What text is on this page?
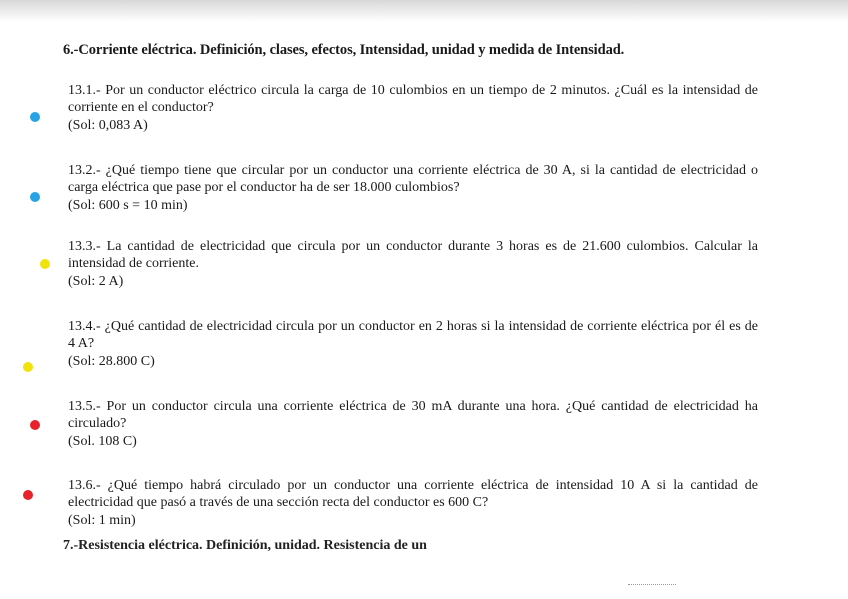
6.-Corriente eléctrica. Definición, clases, efectos, Intensidad, unidad y medida de Intensidad.
13.1.- Por un conductor eléctrico circula la carga de 10 culombios en un tiempo de 2 minutos. ¿Cuál es la intensidad de corriente en el conductor?
(Sol: 0,083 A)
13.2.- ¿Qué tiempo tiene que circular por un conductor una corriente eléctrica de 30 A, si la cantidad de electricidad o carga eléctrica que pase por el conductor ha de ser 18.000 culombios?
(Sol: 600 s = 10 min)
13.3.- La cantidad de electricidad que circula por un conductor durante 3 horas es de 21.600 culombios. Calcular la intensidad de corriente.
(Sol: 2 A)
13.4.- ¿Qué cantidad de electricidad circula por un conductor en 2 horas si la intensidad de corriente eléctrica por él es de 4 A?
(Sol: 28.800 C)
13.5.- Por un conductor circula una corriente eléctrica de 30 mA durante una hora. ¿Qué cantidad de electricidad ha circulado?
(Sol. 108 C)
13.6.- ¿Qué tiempo habrá circulado por un conductor una corriente eléctrica de intensidad 10 A si la cantidad de electricidad que pasó a través de una sección recta del conductor es 600 C?
(Sol: 1 min)
7.-Resistencia eléctrica. Definición, unidad. Resistencia de un
